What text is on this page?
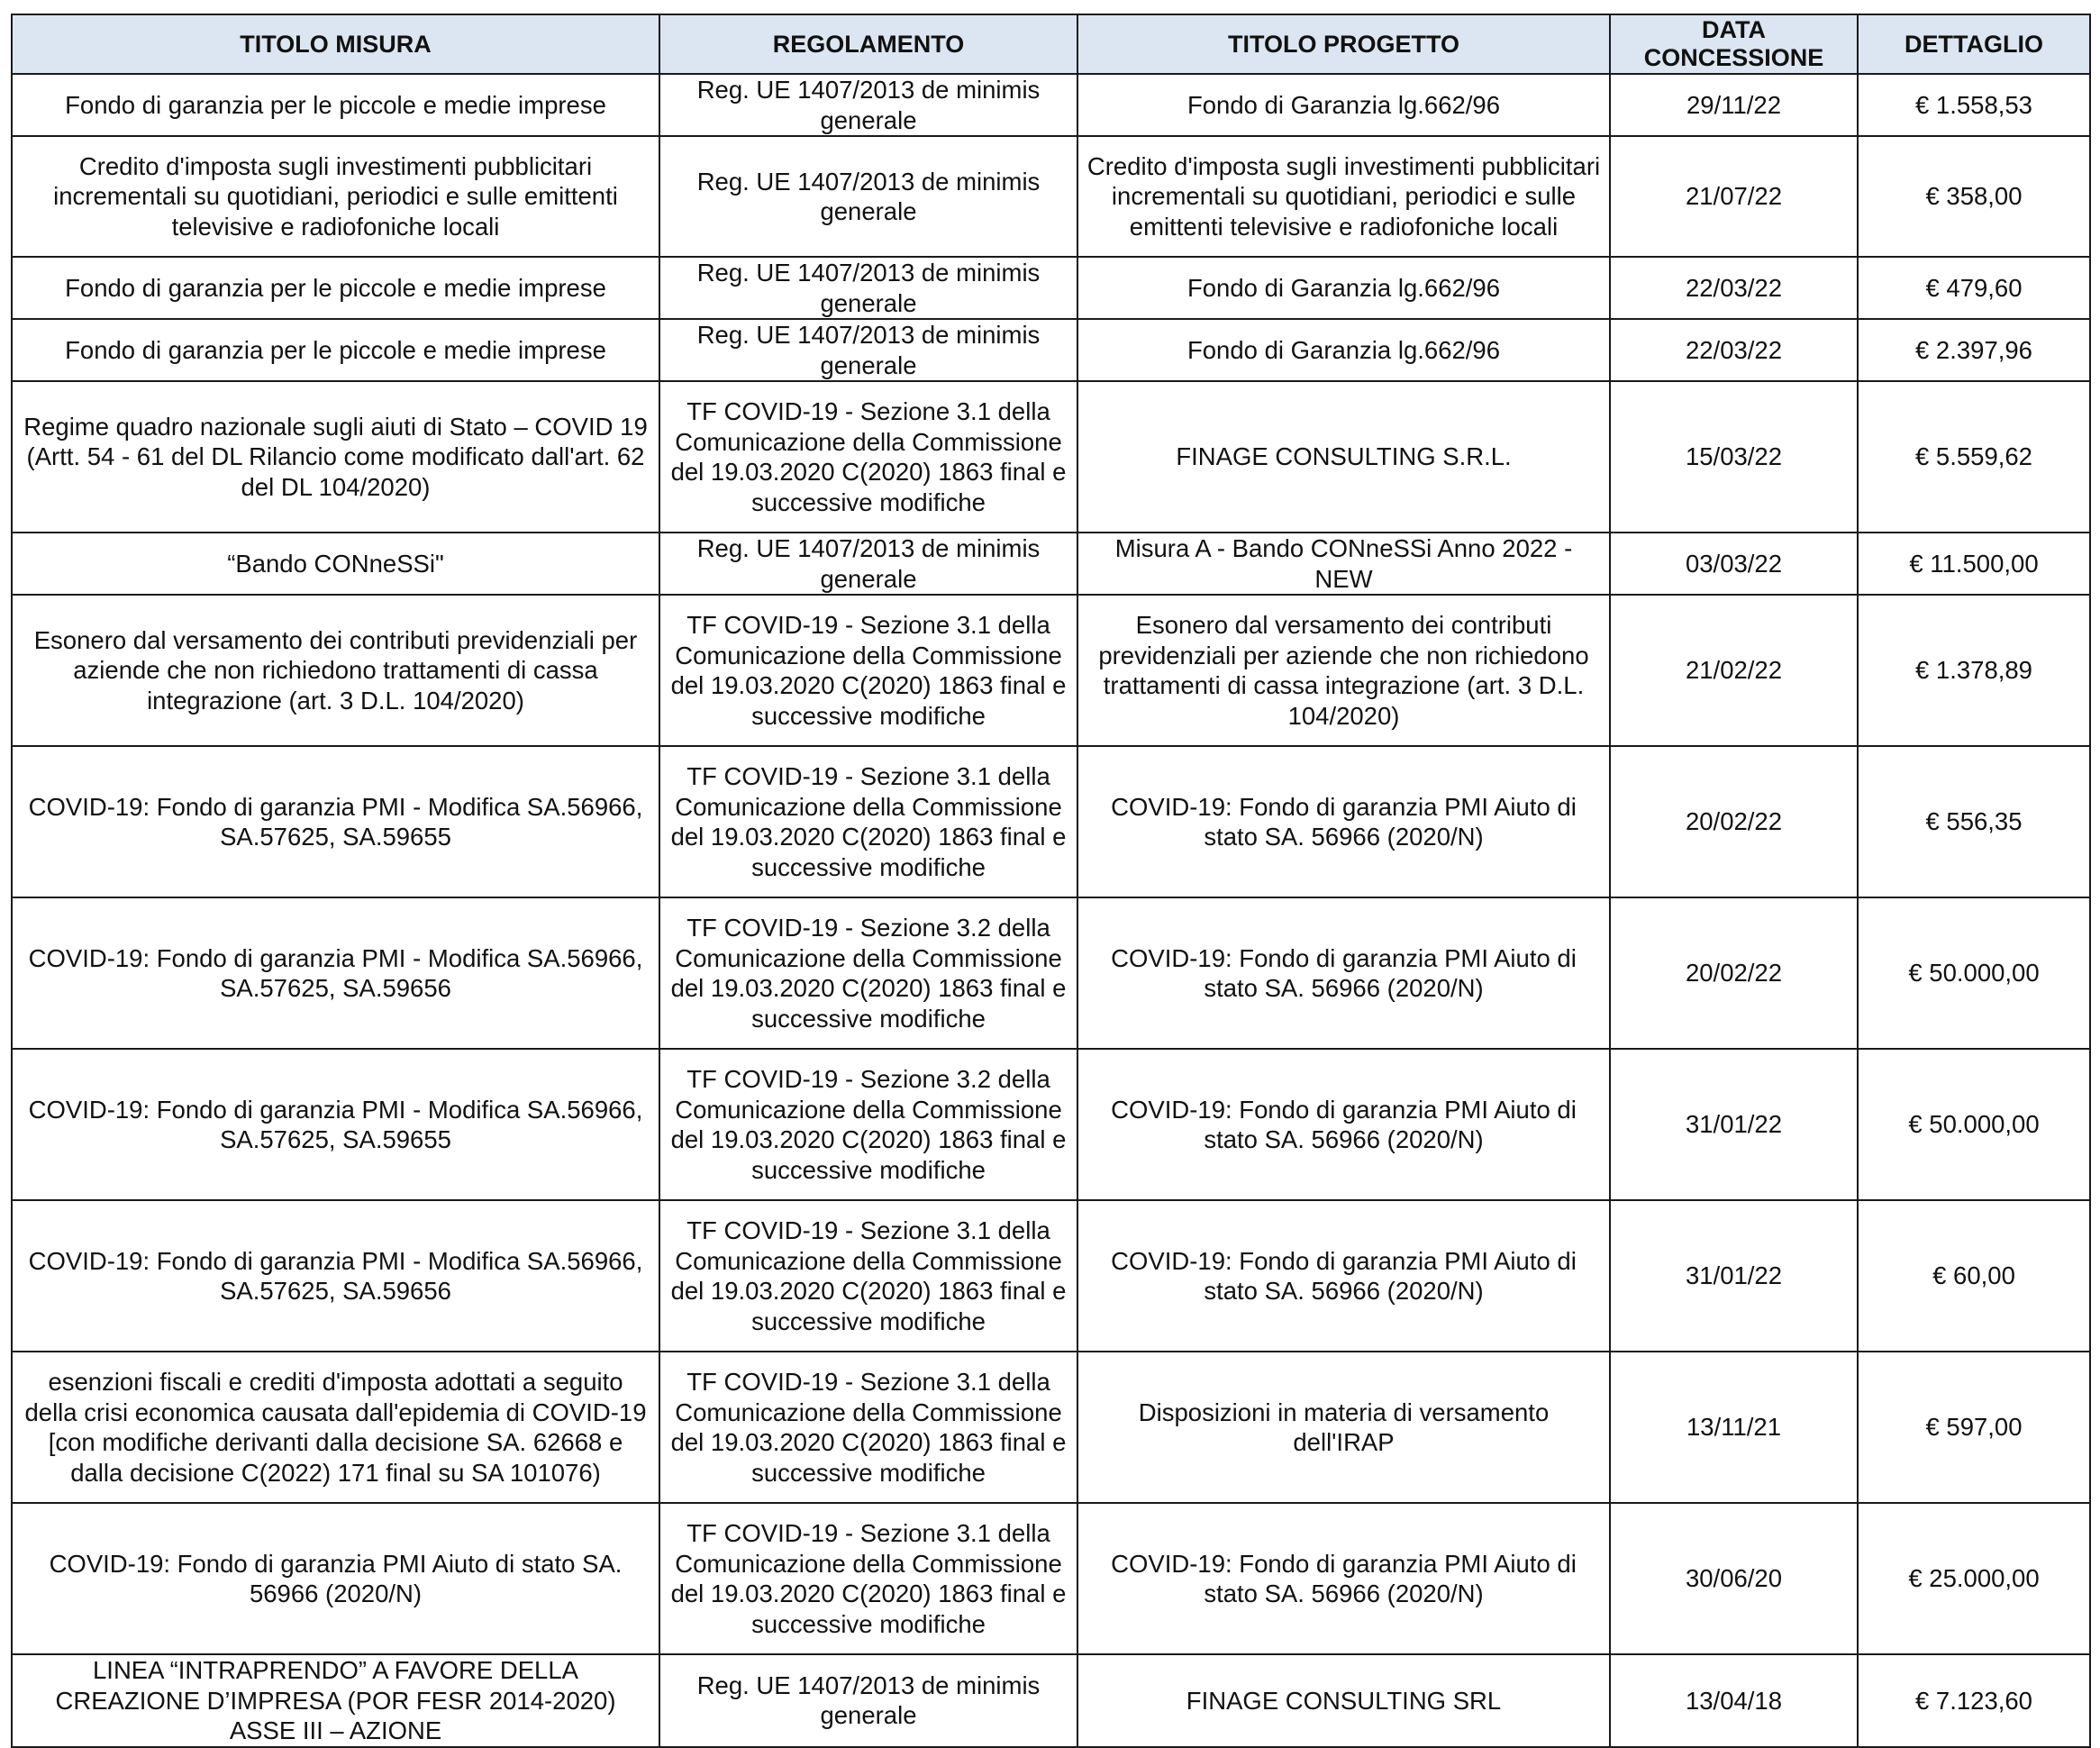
TITOLO MISURA	REGOLAMENTO	TITOLO PROGETTO	DATA CONCESSIONE	DETTAGLIO
Fondo di garanzia per le piccole e medie imprese	Reg. UE 1407/2013 de minimis generale	Fondo di Garanzia lg.662/96	29/11/22	€ 1.558,53
Credito d'imposta sugli investimenti pubblicitari incrementali su quotidiani, periodici e sulle emittenti televisive e radiofoniche locali	Reg. UE 1407/2013 de minimis generale	Credito d'imposta sugli investimenti pubblicitari incrementali su quotidiani, periodici e sulle emittenti televisive e radiofoniche locali	21/07/22	€ 358,00
Fondo di garanzia per le piccole e medie imprese	Reg. UE 1407/2013 de minimis generale	Fondo di Garanzia lg.662/96	22/03/22	€ 479,60
Fondo di garanzia per le piccole e medie imprese	Reg. UE 1407/2013 de minimis generale	Fondo di Garanzia lg.662/96	22/03/22	€ 2.397,96
Regime quadro nazionale sugli aiuti di Stato – COVID 19 (Artt. 54 - 61 del DL Rilancio come modificato dall'art. 62 del DL 104/2020)	TF COVID-19 - Sezione 3.1 della Comunicazione della Commissione del 19.03.2020 C(2020) 1863 final e successive modifiche	FINAGE CONSULTING S.R.L.	15/03/22	€ 5.559,62
“Bando CONneSSi"	Reg. UE 1407/2013 de minimis generale	Misura A - Bando CONneSSi Anno 2022 - NEW	03/03/22	€ 11.500,00
Esonero dal versamento dei contributi previdenziali per aziende che non richiedono trattamenti di cassa integrazione (art. 3 D.L. 104/2020)	TF COVID-19 - Sezione 3.1 della Comunicazione della Commissione del 19.03.2020 C(2020) 1863 final e successive modifiche	Esonero dal versamento dei contributi previdenziali per aziende che non richiedono trattamenti di cassa integrazione (art. 3 D.L. 104/2020)	21/02/22	€ 1.378,89
COVID-19: Fondo di garanzia PMI - Modifica SA.56966, SA.57625, SA.59655	TF COVID-19 - Sezione 3.1 della Comunicazione della Commissione del 19.03.2020 C(2020) 1863 final e successive modifiche	COVID-19: Fondo di garanzia PMI Aiuto di stato SA. 56966 (2020/N)	20/02/22	€ 556,35
COVID-19: Fondo di garanzia PMI - Modifica SA.56966, SA.57625, SA.59656	TF COVID-19 - Sezione 3.2 della Comunicazione della Commissione del 19.03.2020 C(2020) 1863 final e successive modifiche	COVID-19: Fondo di garanzia PMI Aiuto di stato SA. 56966 (2020/N)	20/02/22	€ 50.000,00
COVID-19: Fondo di garanzia PMI - Modifica SA.56966, SA.57625, SA.59655	TF COVID-19 - Sezione 3.2 della Comunicazione della Commissione del 19.03.2020 C(2020) 1863 final e successive modifiche	COVID-19: Fondo di garanzia PMI Aiuto di stato SA. 56966 (2020/N)	31/01/22	€ 50.000,00
COVID-19: Fondo di garanzia PMI - Modifica SA.56966, SA.57625, SA.59656	TF COVID-19 - Sezione 3.1 della Comunicazione della Commissione del 19.03.2020 C(2020) 1863 final e successive modifiche	COVID-19: Fondo di garanzia PMI Aiuto di stato SA. 56966 (2020/N)	31/01/22	€ 60,00
esenzioni fiscali e crediti d'imposta adottati a seguito della crisi economica causata dall'epidemia di COVID-19 [con modifiche derivanti dalla decisione SA. 62668 e dalla decisione C(2022) 171 final su SA 101076)	TF COVID-19 - Sezione 3.1 della Comunicazione della Commissione del 19.03.2020 C(2020) 1863 final e successive modifiche	Disposizioni in materia di versamento dell'IRAP	13/11/21	€ 597,00
COVID-19: Fondo di garanzia PMI Aiuto di stato SA. 56966 (2020/N)	TF COVID-19 - Sezione 3.1 della Comunicazione della Commissione del 19.03.2020 C(2020) 1863 final e successive modifiche	COVID-19: Fondo di garanzia PMI Aiuto di stato SA. 56966 (2020/N)	30/06/20	€ 25.000,00
LINEA “INTRAPRENDO” A FAVORE DELLA CREAZIONE D’IMPRESA (POR FESR 2014-2020) ASSE III – AZIONE	Reg. UE 1407/2013 de minimis generale	FINAGE CONSULTING SRL	13/04/18	€ 7.123,60
